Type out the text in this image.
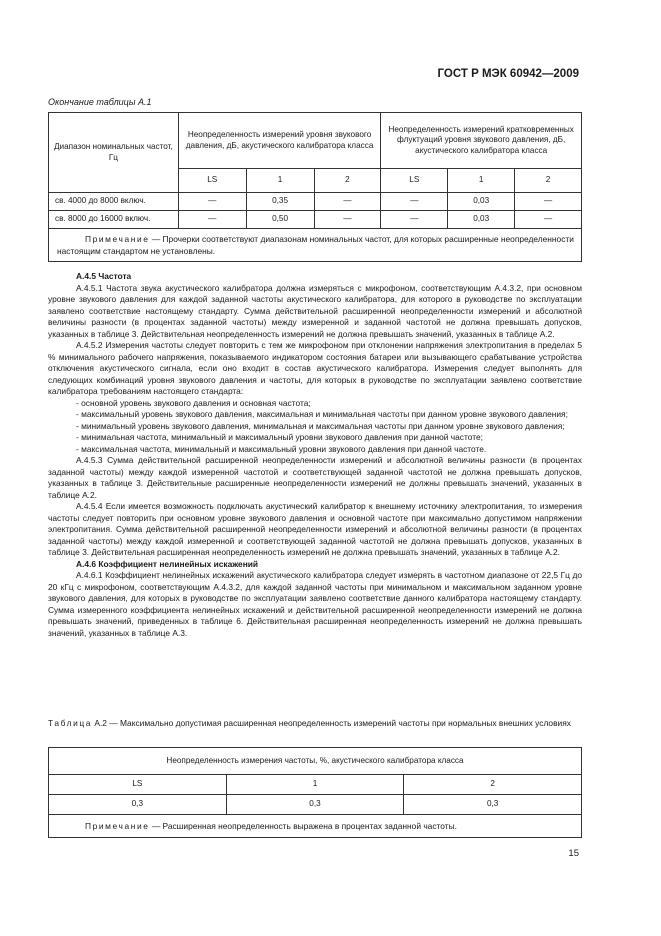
ГОСТ Р МЭК 60942—2009
Окончание таблицы А.1
Диапазон номинальных частот, Гц	Неопределенность измерений уровня звукового давления, дБ, акустического калибратора класса			Неопределенность измерений кратковременных флуктуаций уровня звукового давления, дБ, акустического калибратора класса		
	LS	1	2	LS	1	2
св. 4000 до 8000 включ.	—	0,35	—	—	0,03	—
св. 8000 до 16000 включ.	—	0,50	—	—	0,03	—
Примечание — Прочерки соответствуют диапазонам номинальных частот, для которых расширенные неопределенности настоящим стандартом не установлены.						

А.4.5 Частота

А.4.5.1 Частота звука акустического калибратора должна измеряться с микрофоном, соответствующим А.4.3.2, при основном уровне звукового давления для каждой заданной частоты акустического калибратора, для которого в руководстве по эксплуатации заявлено соответствие настоящему стандарту. Сумма действительной расширенной неопределенности измерений и абсолютной величины разности (в процентах заданной частоты) между измеренной и заданной частотой не должна превышать допусков, указанных в таблице 3. Действительная неопределенность измерений не должна превышать значений, указанных в таблице А.2.

А.4.5.2 Измерения частоты следует повторить с тем же микрофоном при отклонении напряжения электропитания в пределах 5 % минимального рабочего напряжения, показываемого индикатором состояния батареи или вызывающего срабатывание устройства отключения акустического сигнала, если оно входит в состав акустического калибратора. Измерения следует выполнять для следующих комбинаций уровня звукового давления и частоты, для которых в руководстве по эксплуатации заявлено соответствие калибратора требованиям настоящего стандарта:

- основной уровень звукового давления и основная частота;

- максимальный уровень звукового давления, максимальная и минимальная частоты при данном уровне звукового давления;

- минимальный уровень звукового давления, минимальная и максимальная частоты при данном уровне звукового давления;

- минимальная частота, минимальный и максимальный уровни звукового давления при данной частоте;

- максимальная частота, минимальный и максимальный уровни звукового давления при данной частоте.

А.4.5.3 Сумма действительной расширенной неопределенности измерений и абсолютной величины разности (в процентах заданной частоты) между каждой измеренной частотой и соответствующей заданной частотой не должна превышать допусков, указанных в таблице 3. Действительные расширенные неопределенности измерений не должны превышать значений, указанных в таблице А.2.

А.4.5.4 Если имеется возможность подключать акустический калибратор к внешнему источнику электропитания, то измерения частоты следует повторить при основном уровне звукового давления и основной частоте при максимально допустимом напряжении электропитания. Сумма действительной расширенной неопределенности измерений и абсолютной величины разности (в процентах заданной частоты) между каждой измеренной и соответствующей заданной частотой не должна превышать допусков, указанных в таблице 3. Действительная расширенная неопределенность измерений не должна превышать значений, указанных в таблице А.2.

А.4.6 Коэффициент нелинейных искажений

А.4.6.1 Коэффициент нелинейных искажений акустического калибратора следует измерять в частотном диапазоне от 22,5 Гц до 20 кГц с микрофоном, соответствующим А.4.3.2, для каждой заданной частоты при минимальном и максимальном заданном уровне звукового давления, для которых в руководстве по эксплуатации заявлено соответствие данного калибратора настоящему стандарту. Сумма измеренного коэффициента нелинейных искажений и действительной расширенной неопределенности измерений не должна превышать значений, приведенных в таблице 6. Действительная расширенная неопределенность измерений не должна превышать значений, указанных в таблице А.3.

Таблица А.2 — Максимально допустимая расширенная неопределенность измерений частоты при нормальных внешних условиях

Неопределенность измерения частоты, %, акустического калибратора класса		
LS	1	2
0,3	0,3	0,3
Примечание — Расширенная неопределенность выражена в процентах заданной частоты.		
15
